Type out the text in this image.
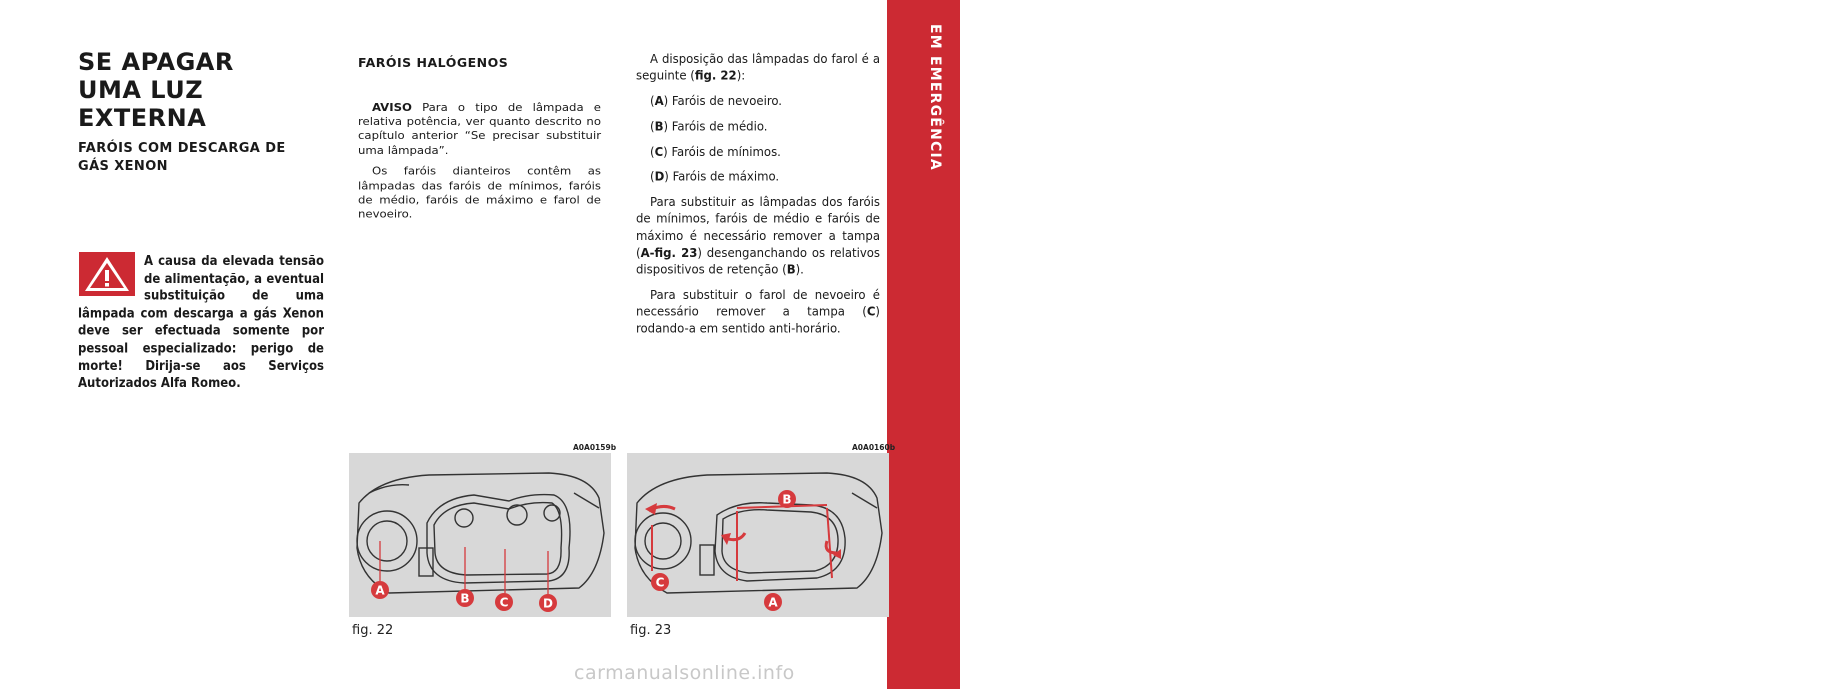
EM EMERGÊNCIA
195
SE APAGAR
UMA LUZ EXTERNA
FARÓIS COM DESCARGA DE
GÁS XENON
A causa da elevada tensão de alimentação, a eventual substituição de uma lâmpada com descarga a gás Xenon deve ser efectuada somente por pessoal especializado: perigo de morte! Dirija-se aos Serviços Autorizados Alfa Romeo.
FARÓIS HALÓGENOS

AVISO Para o tipo de lâmpada e relativa potência, ver quanto descrito no capítulo anterior “Se precisar substituir uma lâmpada”.

Os faróis dianteiros contêm as lâmpadas das faróis de mínimos, faróis de médio, faróis de máximo e farol de nevoeiro.

A disposição das lâmpadas do farol é a seguinte (fig. 22):

(A) Faróis de nevoeiro.

(B) Faróis de médio.

(C) Faróis de mínimos.

(D) Faróis de máximo.

Para substituir as lâmpadas dos faróis de mínimos, faróis de médio e faróis de máximo é necessário remover a tampa (A-fig. 23) desenganchando os relativos dispositivos de retenção (B).

Para substituir o farol de nevoeiro é necessário remover a tampa (C) rodando-a em sentido anti-horário.

A0A0159b
A
B	C	D
fig. 22
A0A0160b
B
C
A
fig. 23
carmanualsonline.info
